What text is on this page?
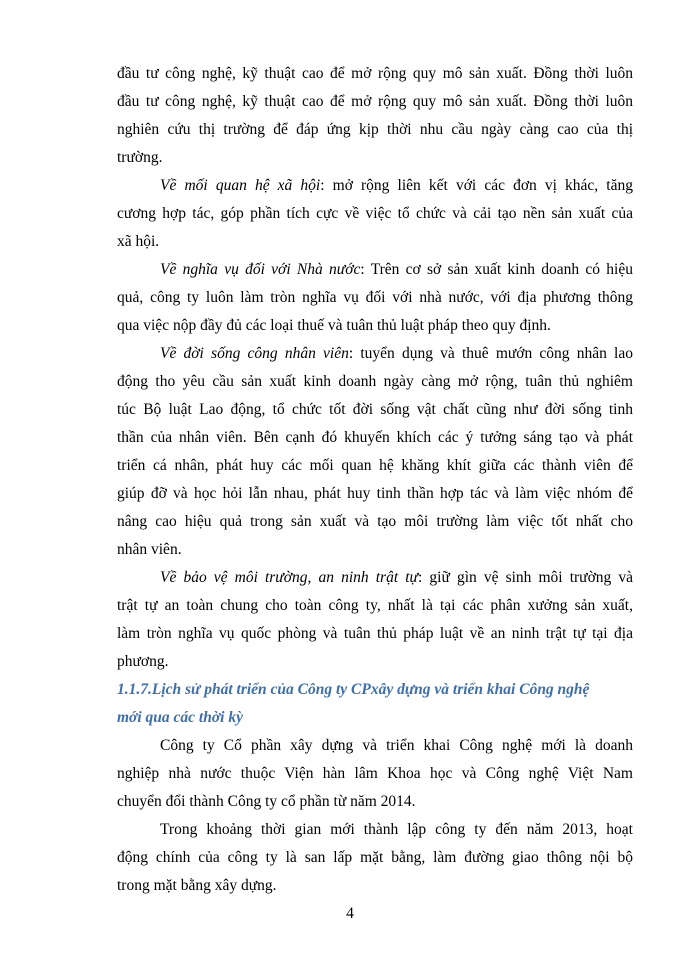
đầu tư công nghệ, kỹ thuật cao để mở rộng quy mô sản xuất. Đồng thời luôn
đầu tư công nghệ, kỹ thuật cao để mở rộng quy mô sản xuất. Đồng thời luôn
nghiên cứu thị trường để đáp ứng kịp thời nhu cầu ngày càng cao của thị
trường.
Về mối quan hệ xã hội: mở rộng liên kết với các đơn vị khác, tăng
cương hợp tác, góp phần tích cực về việc tổ chức và cải tạo nền sản xuất của
xã hội.
Về nghĩa vụ đối với Nhà nước: Trên cơ sở sản xuất kinh doanh có hiệu
quả, công ty luôn làm tròn nghĩa vụ đối với nhà nước, với địa phương thông
qua việc nộp đầy đủ các loại thuế và tuân thủ luật pháp theo quy định.
Về đời sống công nhân viên: tuyển dụng và thuê mướn công nhân lao
động tho yêu cầu sản xuất kinh doanh ngày càng mở rộng, tuân thủ nghiêm
túc Bộ luật Lao động, tổ chức tốt đời sống vật chất cũng như đời sống tinh
thần của nhân viên. Bên cạnh đó khuyến khích các ý tưởng sáng tạo và phát
triển cá nhân, phát huy các mối quan hệ khăng khít giữa các thành viên để
giúp đỡ và học hỏi lẫn nhau, phát huy tinh thần hợp tác và làm việc nhóm để
nâng cao hiệu quả trong sản xuất và tạo môi trường làm việc tốt nhất cho
nhân viên.
Về bảo vệ môi trường, an ninh trật tự: giữ gìn vệ sinh môi trường và
trật tự an toàn chung cho toàn công ty, nhất là tại các phân xưởng sản xuất,
làm tròn nghĩa vụ quốc phòng và tuân thủ pháp luật về an ninh trật tự tại địa
phương.
1.1.7.Lịch sử phát triển của Công ty CPxây dựng và triển khai Công nghệ
mới qua các thời kỳ
Công ty Cổ phần xây dựng và triển khai Công nghệ mới là doanh
nghiệp nhà nước thuộc Viện hàn lâm Khoa học và Công nghệ Việt Nam
chuyển đổi thành Công ty cổ phần từ năm 2014.
Trong khoảng thời gian mới thành lập công ty đến năm 2013, hoạt
động chính của công ty là san lấp mặt bằng, làm đường giao thông nội bộ
trong mặt bằng xây dựng.
4
